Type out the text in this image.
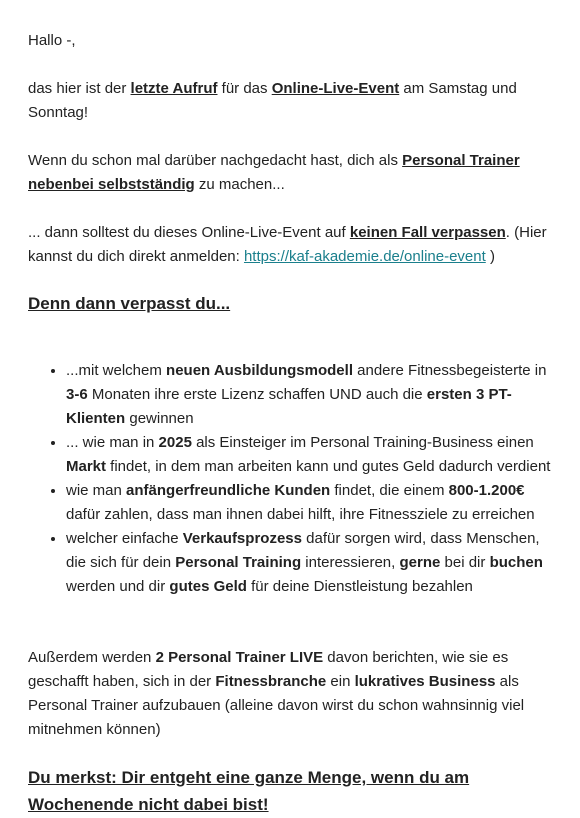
Hallo -,

das hier ist der letzte Aufruf für das Online-Live-Event am Samstag und Sonntag!

Wenn du schon mal darüber nachgedacht hast, dich als Personal Trainer nebenbei selbstständig zu machen...

... dann solltest du dieses Online-Live-Event auf keinen Fall verpassen. (Hier kannst du dich direkt anmelden: https://kaf-akademie.de/online-event )

Denn dann verpasst du...
• ...mit welchem neuen Ausbildungsmodell andere Fitnessbegeisterte in 3-6 Monaten ihre erste Lizenz schaffen UND auch die ersten 3 PT-Klienten gewinnen
• ... wie man in 2025 als Einsteiger im Personal Training-Business einen Markt findet, in dem man arbeiten kann und gutes Geld dadurch verdient
• wie man anfängerfreundliche Kunden findet, die einem 800-1.200€ dafür zahlen, dass man ihnen dabei hilft, ihre Fitnessziele zu erreichen
• welcher einfache Verkaufsprozess dafür sorgen wird, dass Menschen, die sich für dein Personal Training interessieren, gerne bei dir buchen werden und dir gutes Geld für deine Dienstleistung bezahlen

Außerdem werden 2 Personal Trainer LIVE davon berichten, wie sie es geschafft haben, sich in der Fitnessbranche ein lukratives Business als Personal Trainer aufzubauen (alleine davon wirst du schon wahnsinnig viel mitnehmen können)

Du merkst: Dir entgeht eine ganze Menge, wenn du am Wochenende nicht dabei bist!
